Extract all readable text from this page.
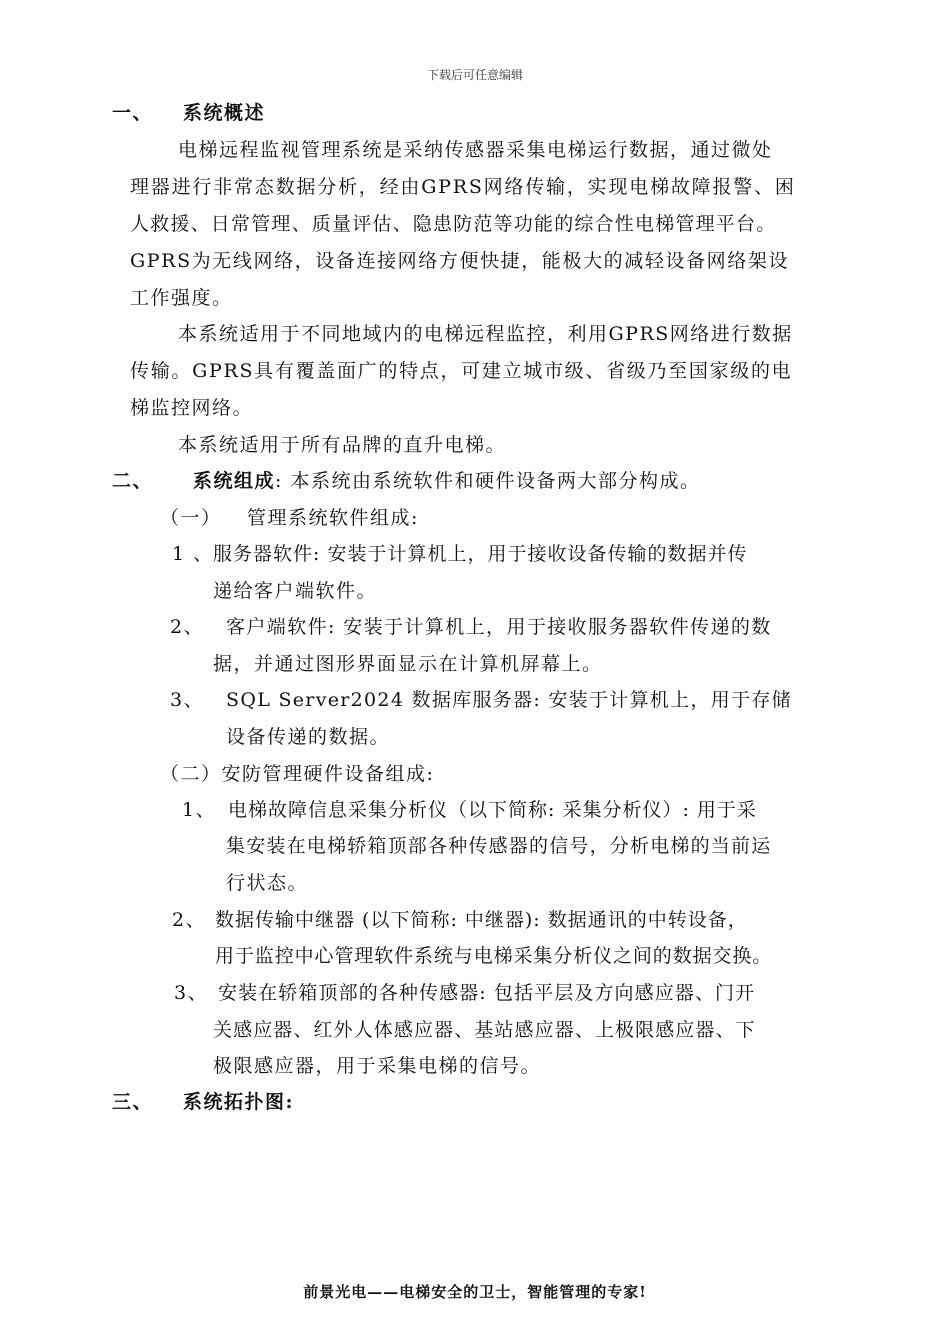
下载后可任意编辑
一、 系统概述
电梯远程监视管理系统是采纳传感器采集电梯运行数据，通过微处
理器进行非常态数据分析，经由GPRS网络传输，实现电梯故障报警、困
人救援、日常管理、质量评估、隐患防范等功能的综合性电梯管理平台。
GPRS为无线网络，设备连接网络方便快捷，能极大的减轻设备网络架设
工作强度。
本系统适用于不同地域内的电梯远程监控，利用GPRS网络进行数据
传输。GPRS具有覆盖面广的特点，可建立城市级、省级乃至国家级的电
梯监控网络。
本系统适用于所有品牌的直升电梯。
二、 系统组成: 本系统由系统软件和硬件设备两大部分构成。
（一） 管理系统软件组成:
1 、 服务器软件: 安装于计算机上，用于接收设备传输的数据并传
递给客户端软件。
2、 客户端软件: 安装于计算机上，用于接收服务器软件传递的数
据，并通过图形界面显示在计算机屏幕上。
3、 SQL Server2024 数据库服务器: 安装于计算机上，用于存储
设备传递的数据。
（二）安防管理硬件设备组成:
1、 电梯故障信息采集分析仪（以下简称: 采集分析仪）: 用于采
集安装在电梯轿箱顶部各种传感器的信号，分析电梯的当前运
行状态。
2、 数据传输中继器 (以下简称: 中继器): 数据通讯的中转设备，
用于监控中心管理软件系统与电梯采集分析仪之间的数据交换。
3、 安装在轿箱顶部的各种传感器: 包括平层及方向感应器、门开
关感应器、红外人体感应器、基站感应器、上极限感应器、下
极限感应器，用于采集电梯的信号。
三、 系统拓扑图:
前景光电——电梯安全的卫士，智能管理的专家!
